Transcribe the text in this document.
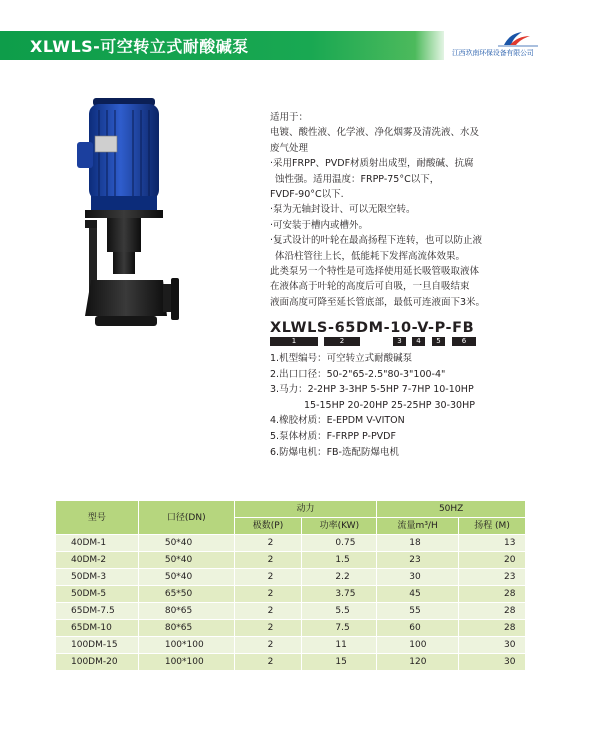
XLWLS-可空转立式耐酸碱泵	江西玖南环保设备有限公司
适用于：
电镀、酸性液、化学液、净化烟雾及清洗液、水及
废气处理
·采用FRPP、PVDF材质射出成型，耐酸碱、抗腐
蚀性强。适用温度：FRPP-75°C以下，
FVDF-90°C以下.
·泵为无轴封设计、可以无限空转。
·可安装于槽内或槽外。
·复式设计的叶轮在最高扬程下连转，也可以防止液
体沿柱管往上长，低能耗下发挥高流体效果。
此类泵另一个特性是可选择使用延长吸管吸取液体
在液体高于叶轮的高度后可自吸，一旦自吸结束
液面高度可降至延长管底部，最低可连液面下3米。
XLWLS-65DM-10-V-P-FB
1	2	3	4	5	6
1.机型编号：可空转立式耐酸碱泵
2.出口口径：50-2"65-2.5"80-3"100-4"
3.马力：2-2HP 3-3HP 5-5HP 7-7HP 10-10HP
15-15HP 20-20HP 25-25HP 30-30HP
4.橡胶材质：E-EPDM V-VITON
5.泵体材质：F-FRPP P-PVDF
6.防爆电机：FB-选配防爆电机
型号	口径(DN)	动力		50HZ	
		极数(P)	功率(KW)	流量m³/H	扬程 (M)
40DM-1	50*40	2	0.75	18	13
40DM-2	50*40	2	1.5	23	20
50DM-3	50*40	2	2.2	30	23
50DM-5	65*50	2	3.75	45	28
65DM-7.5	80*65	2	5.5	55	28
65DM-10	80*65	2	7.5	60	28
100DM-15	100*100	2	11	100	30
100DM-20	100*100	2	15	120	30
